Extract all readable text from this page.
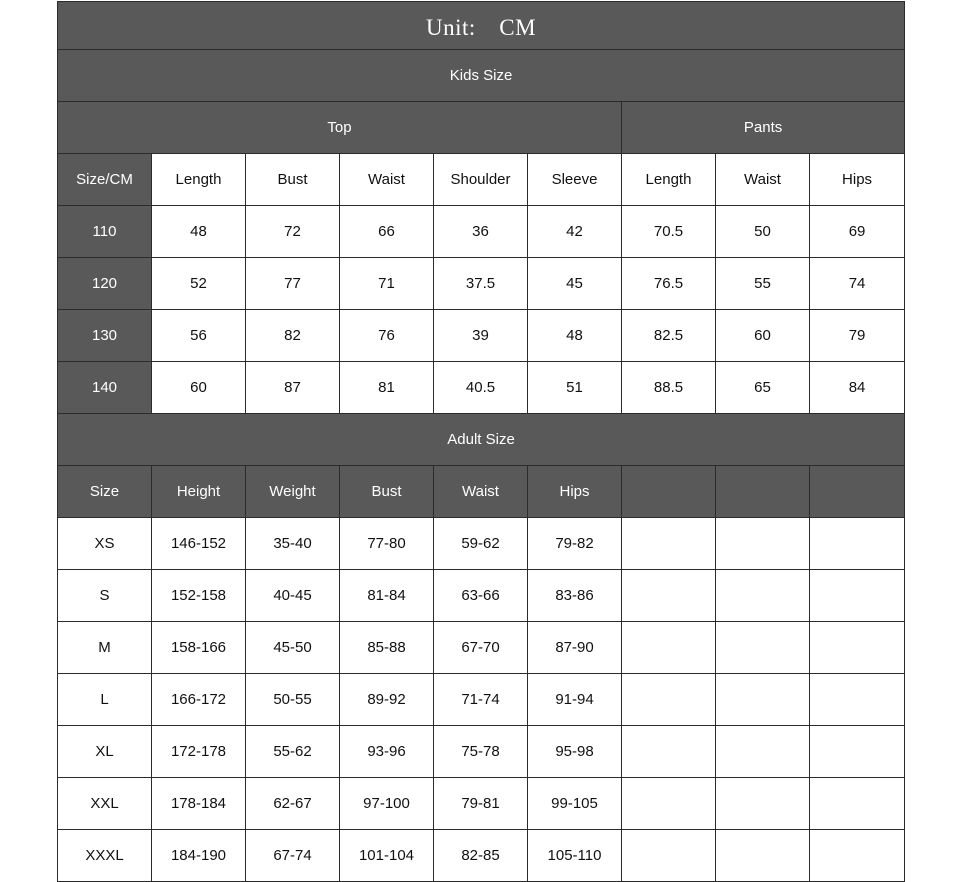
Unit:　CM								
Kids Size								
Top						Pants		
Size/CM	Length	Bust	Waist	Shoulder	Sleeve	Length	Waist	Hips
110	48	72	66	36	42	70.5	50	69
120	52	77	71	37.5	45	76.5	55	74
130	56	82	76	39	48	82.5	60	79
140	60	87	81	40.5	51	88.5	65	84
Adult Size								
Size	Height	Weight	Bust	Waist	Hips			
XS	146-152	35-40	77-80	59-62	79-82			
S	152-158	40-45	81-84	63-66	83-86			
M	158-166	45-50	85-88	67-70	87-90			
L	166-172	50-55	89-92	71-74	91-94			
XL	172-178	55-62	93-96	75-78	95-98			
XXL	178-184	62-67	97-100	79-81	99-105			
XXXL	184-190	67-74	101-104	82-85	105-110			
